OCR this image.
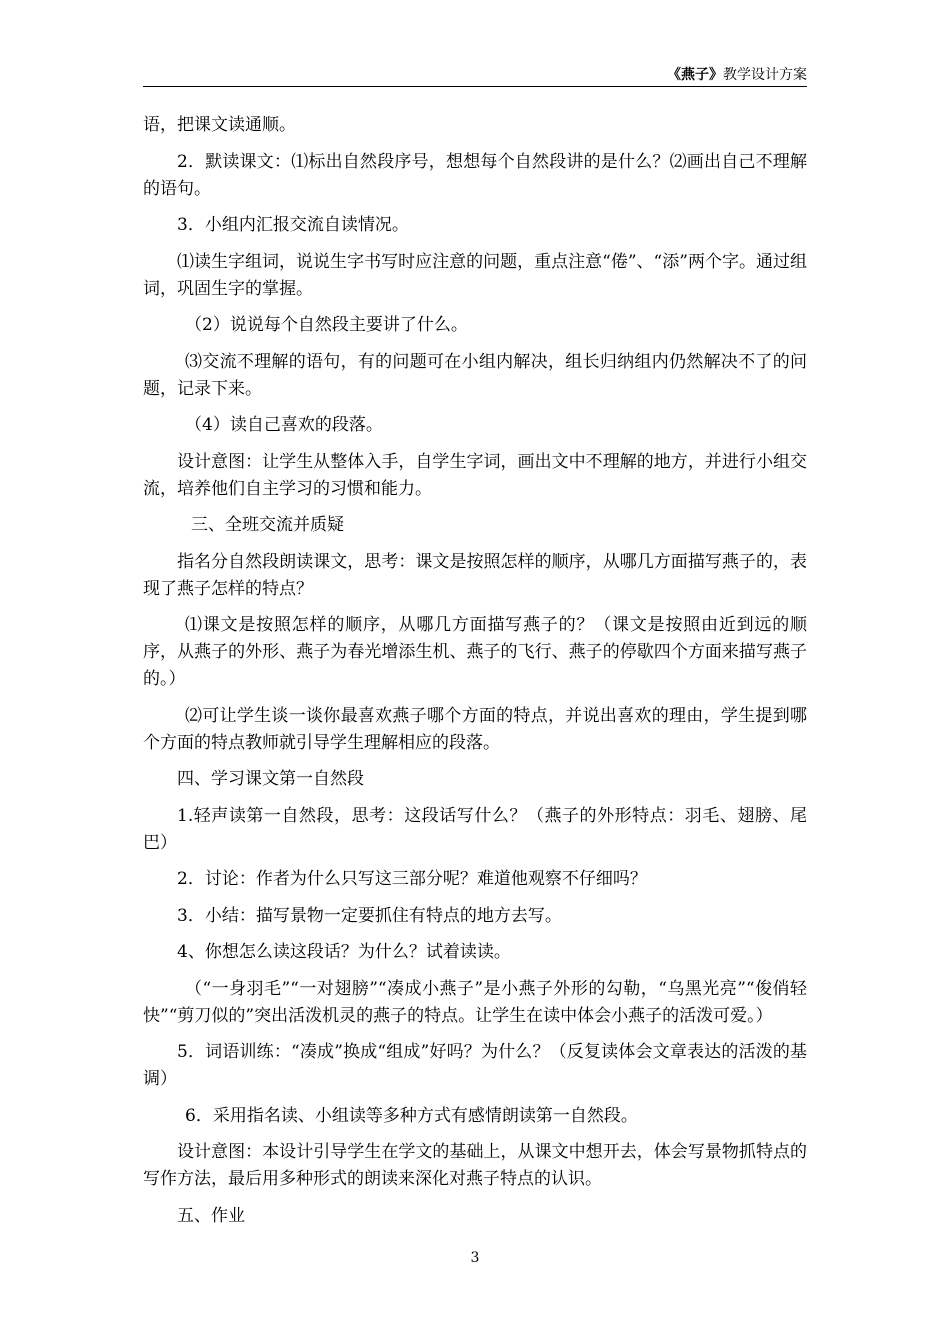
《燕子》教学设计方案

语，把课文读通顺。

2．默读课文：⑴标出自然段序号，想想每个自然段讲的是什么？⑵画出自己不理解的语句。

3．小组内汇报交流自读情况。

⑴读生字组词，说说生字书写时应注意的问题，重点注意“倦”、“添”两个字。通过组词，巩固生字的掌握。

（2）说说每个自然段主要讲了什么。

⑶交流不理解的语句，有的问题可在小组内解决，组长归纳组内仍然解决不了的问题，记录下来。

（4）读自己喜欢的段落。

设计意图：让学生从整体入手，自学生字词，画出文中不理解的地方，并进行小组交流，培养他们自主学习的习惯和能力。

三、全班交流并质疑

指名分自然段朗读课文，思考：课文是按照怎样的顺序，从哪几方面描写燕子的，表现了燕子怎样的特点？

⑴课文是按照怎样的顺序，从哪几方面描写燕子的？（课文是按照由近到远的顺序，从燕子的外形、燕子为春光增添生机、燕子的飞行、燕子的停歇四个方面来描写燕子的。）

⑵可让学生谈一谈你最喜欢燕子哪个方面的特点，并说出喜欢的理由，学生提到哪个方面的特点教师就引导学生理解相应的段落。

四、学习课文第一自然段

1.轻声读第一自然段，思考：这段话写什么？（燕子的外形特点：羽毛、翅膀、尾巴）

2．讨论：作者为什么只写这三部分呢？难道他观察不仔细吗？

3．小结：描写景物一定要抓住有特点的地方去写。

4、你想怎么读这段话？为什么？试着读读。

（“一身羽毛”“一对翅膀”“凑成小燕子”是小燕子外形的勾勒，“乌黑光亮”“俊俏轻快”“剪刀似的”突出活泼机灵的燕子的特点。让学生在读中体会小燕子的活泼可爱。）

5．词语训练：“凑成”换成“组成”好吗？为什么？（反复读体会文章表达的活泼的基调）

6．采用指名读、小组读等多种方式有感情朗读第一自然段。

设计意图：本设计引导学生在学文的基础上，从课文中想开去，体会写景物抓特点的写作方法，最后用多种形式的朗读来深化对燕子特点的认识。

五、作业

3
